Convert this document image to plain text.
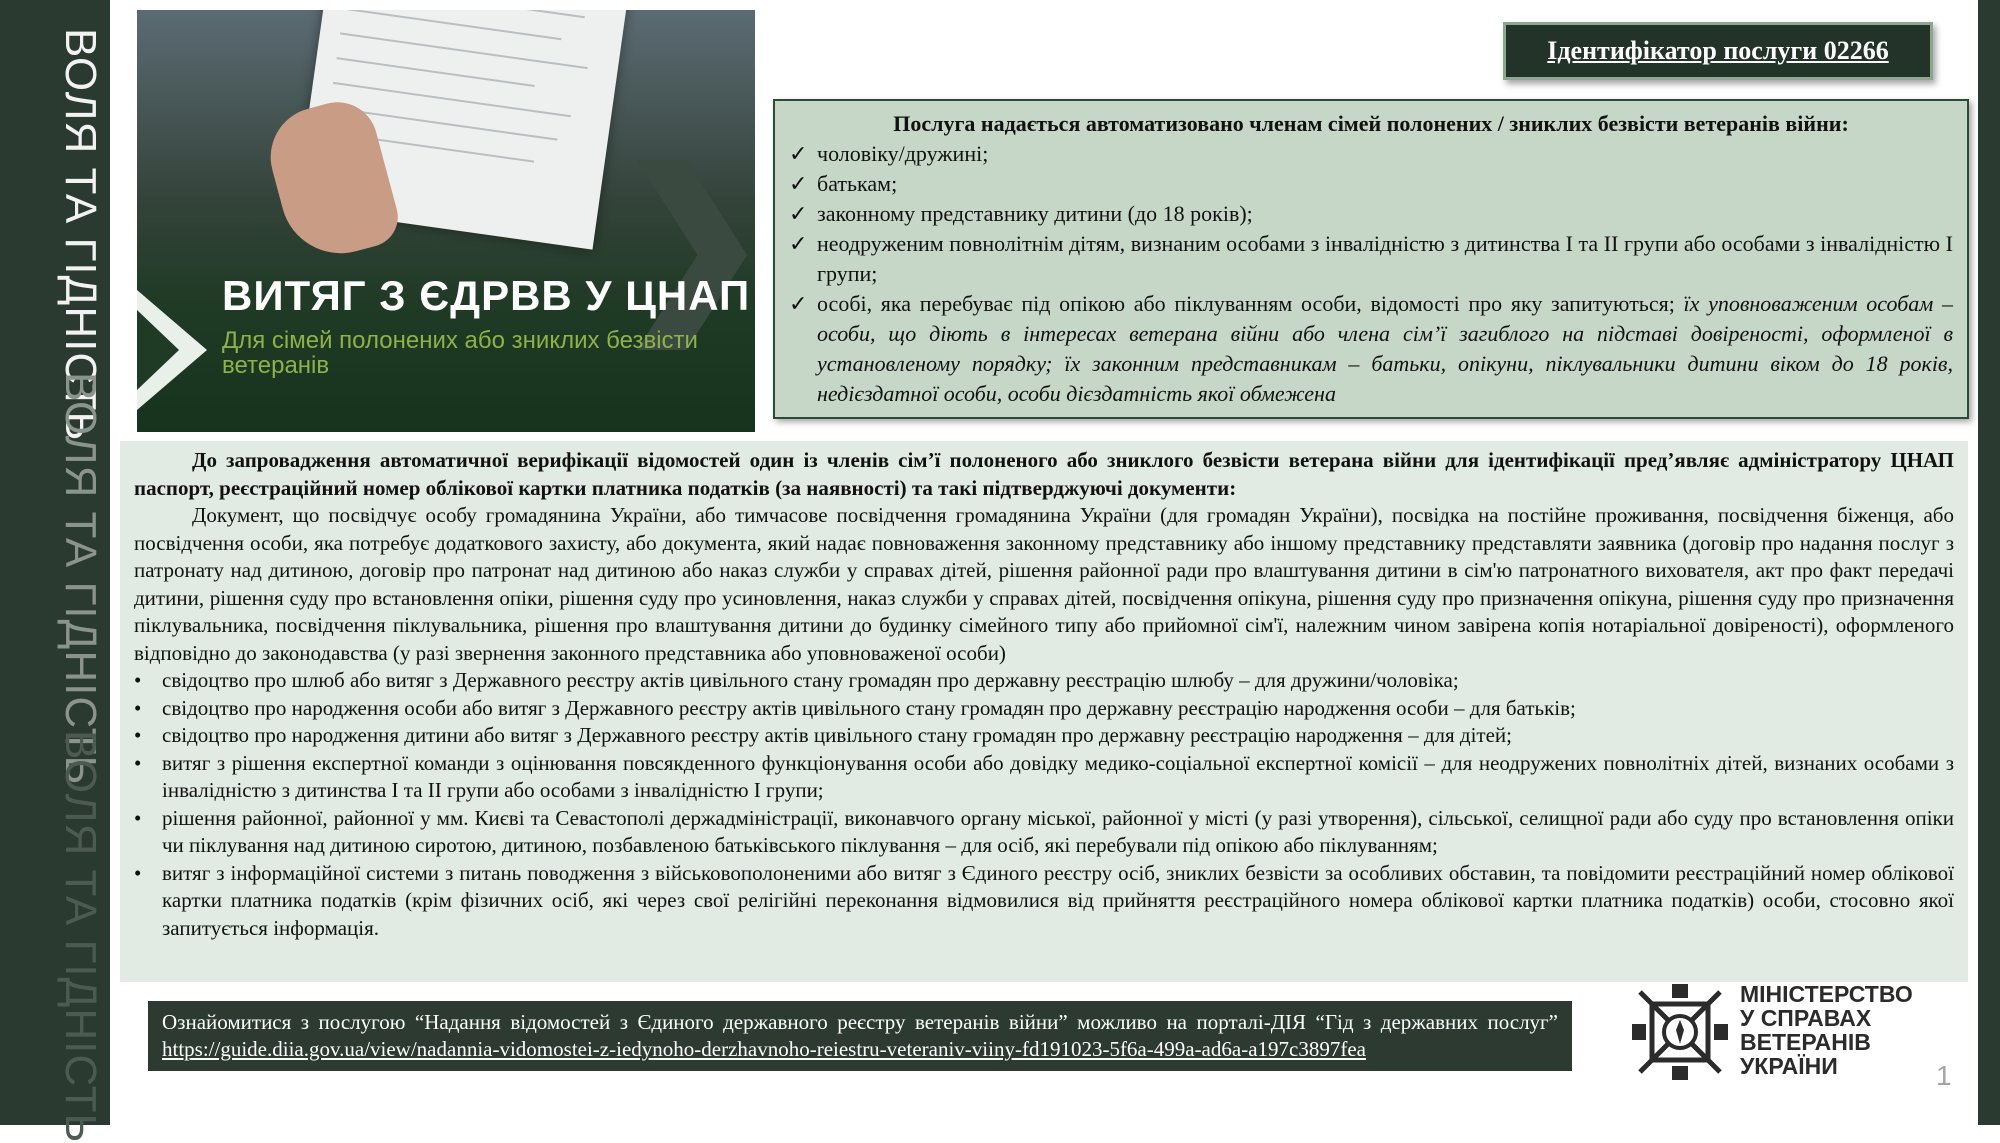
ВОЛЯ ТА ГІДНІСТЬ
ВОЛЯ ТА ГІДНІСТЬ
ВОЛЯ ТА ГІДНІСТЬ
ВИТЯГ З ЄДРВВ У ЦНАП
Для сімей полонених або зниклих безвісти ветеранів
Ідентифікатор послуги 02266
Послуга надається автоматизовано членам сімей полонених / зниклих безвісти ветеранів війни:
✓ чоловіку/дружині;
✓ батькам;
✓ законному представнику дитини (до 18 років);
✓ неодруженим повнолітнім дітям, визнаним особами з інвалідністю з дитинства I та II групи або особами з інвалідністю I групи;
✓ особі, яка перебуває під опікою або піклуванням особи, відомості про яку запитуються; їх уповноваженим особам – особи, що діють в інтересах ветерана війни або члена сім’ї загиблого на підставі довіреності, оформленої в установленому порядку; їх законним представникам – батьки, опікуни, піклувальники дитини віком до 18 років, недієздатної особи, особи дієздатність якої обмежена

До запровадження автоматичної верифікації відомостей один із членів сім’ї полоненого або зниклого безвісти ветерана війни для ідентифікації пред’являє адміністратору ЦНАП паспорт, реєстраційний номер облікової картки платника податків (за наявності) та такі підтверджуючі документи:

Документ, що посвідчує особу громадянина України, або тимчасове посвідчення громадянина України (для громадян України), посвідка на постійне проживання, посвідчення біженця, або посвідчення особи, яка потребує додаткового захисту, або документа, який надає повноваження законному представнику або іншому представнику представляти заявника (договір про надання послуг з патронату над дитиною, договір про патронат над дитиною або наказ служби у справах дітей, рішення районної ради про влаштування дитини в сім'ю патронатного вихователя, акт про факт передачі дитини, рішення суду про встановлення опіки, рішення суду про усиновлення, наказ служби у справах дітей, посвідчення опікуна, рішення суду про призначення опікуна, рішення суду про призначення піклувальника, посвідчення піклувальника, рішення про влаштування дитини до будинку сімейного типу або прийомної сім'ї, належним чином завірена копія нотаріальної довіреності), оформленого відповідно до законодавства (у разі звернення законного представника або уповноваженої особи)

• свідоцтво про шлюб або витяг з Державного реєстру актів цивільного стану громадян про державну реєстрацію шлюбу – для дружини/чоловіка;
• свідоцтво про народження особи або витяг з Державного реєстру актів цивільного стану громадян про державну реєстрацію народження особи – для батьків;
• свідоцтво про народження дитини або витяг з Державного реєстру актів цивільного стану громадян про державну реєстрацію народження – для дітей;
• витяг з рішення експертної команди з оцінювання повсякденного функціонування особи або довідку медико-соціальної експертної комісії – для неодружених повнолітніх дітей, визнаних особами з інвалідністю з дитинства I та II групи або особами з інвалідністю I групи;
• рішення районної, районної у мм. Києві та Севастополі держадміністрації, виконавчого органу міської, районної у місті (у разі утворення), сільської, селищної ради або суду про встановлення опіки чи піклування над дитиною сиротою, дитиною, позбавленою батьківського піклування – для осіб, які перебували під опікою або піклуванням;
• витяг з інформаційної системи з питань поводження з військовополоненими або витяг з Єдиного реєстру осіб, зниклих безвісти за особливих обставин, та повідомити реєстраційний номер облікової картки платника податків (крім фізичних осіб, які через свої релігійні переконання відмовилися від прийняття реєстраційного номера облікової картки платника податків) особи, стосовно якої запитується інформація.
Ознайомитися з послугою “Надання відомостей з Єдиного державного реєстру ветеранів війни” можливо на порталі-ДІЯ “Гід з державних послуг” https://guide.diia.gov.ua/view/nadannia-vidomostei-z-iedynoho-derzhavnoho-reiestru-veteraniv-viiny-fd191023-5f6a-499a-ad6a-a197c3897fea
МІНІСТЕРСТВО
У СПРАВАХ
ВЕТЕРАНІВ
УКРАЇНИ	1
